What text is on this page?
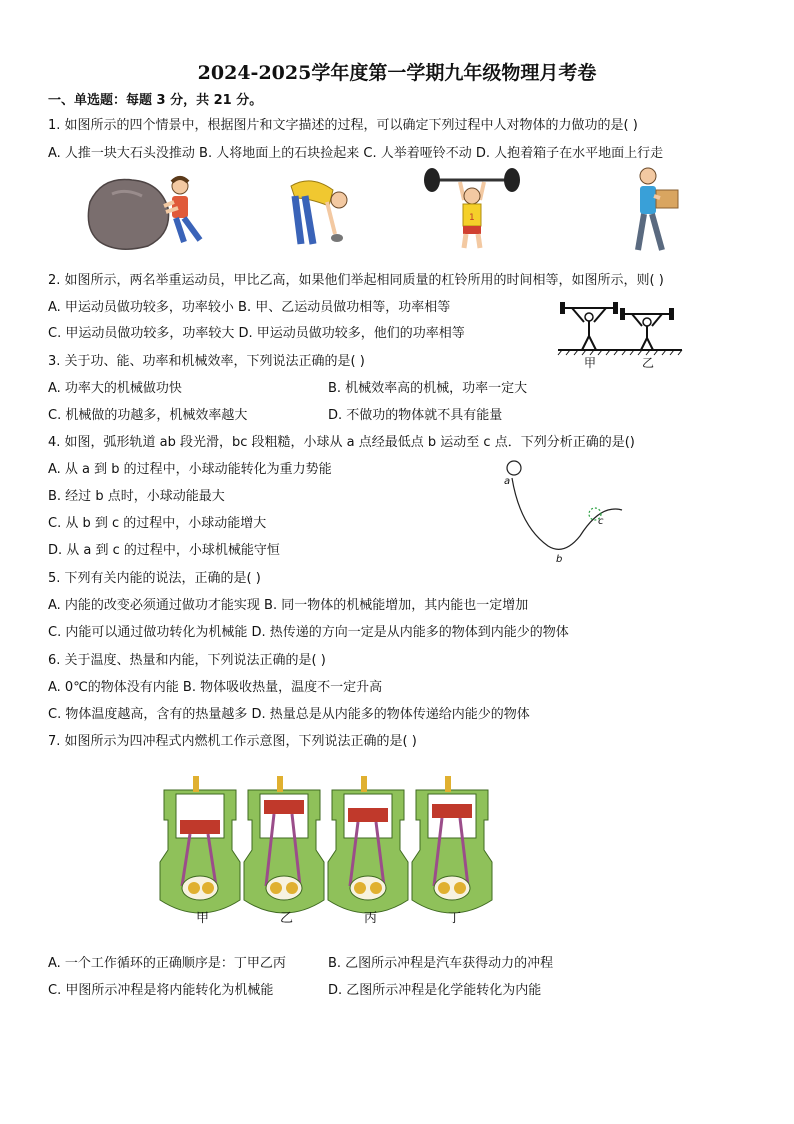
2024-2025学年度第一学期九年级物理月考卷
一、单选题：每题 3 分，共 21 分。
1. 如图所示的四个情景中，根据图片和文字描述的过程，可以确定下列过程中人对物体的力做功的是( )
A. 人推一块大石头没推动 B. 人将地面上的石块捡起来 C. 人举着哑铃不动 D. 人抱着箱子在水平地面上行走
1
2. 如图所示，两名举重运动员，甲比乙高，如果他们举起相同质量的杠铃所用的时间相等，如图所示，则( )
A. 甲运动员做功较多，功率较小 B. 甲、乙运动员做功相等，功率相等
C. 甲运动员做功较多，功率较大 D. 甲运动员做功较多，他们的功率相等
甲	乙
3. 关于功、能、功率和机械效率，下列说法正确的是( )
A. 功率大的机械做功快	B. 机械效率高的机械，功率一定大
C. 机械做的功越多，机械效率越大	D. 不做功的物体就不具有能量
4. 如图，弧形轨道 ab 段光滑，bc 段粗糙，小球从 a 点经最低点 b 运动至 c 点．下列分析正确的是()
A. 从 a 到 b 的过程中，小球动能转化为重力势能
B. 经过 b 点时，小球动能最大
C. 从 b 到 c 的过程中，小球动能增大
D. 从 a 到 c 的过程中，小球机械能守恒
a
b
c
5. 下列有关内能的说法，正确的是( )
A. 内能的改变必须通过做功才能实现 B. 同一物体的机械能增加，其内能也一定增加
C. 内能可以通过做功转化为机械能 D. 热传递的方向一定是从内能多的物体到内能少的物体
6. 关于温度、热量和内能，下列说法正确的是( )
A. 0℃的物体没有内能 B. 物体吸收热量，温度不一定升高
C. 物体温度越高，含有的热量越多 D. 热量总是从内能多的物体传递给内能少的物体
7. 如图所示为四冲程式内燃机工作示意图，下列说法正确的是( )
甲	乙	丙	丁
A. 一个工作循环的正确顺序是：丁甲乙丙	B. 乙图所示冲程是汽车获得动力的冲程
C. 甲图所示冲程是将内能转化为机械能	D. 乙图所示冲程是化学能转化为内能
